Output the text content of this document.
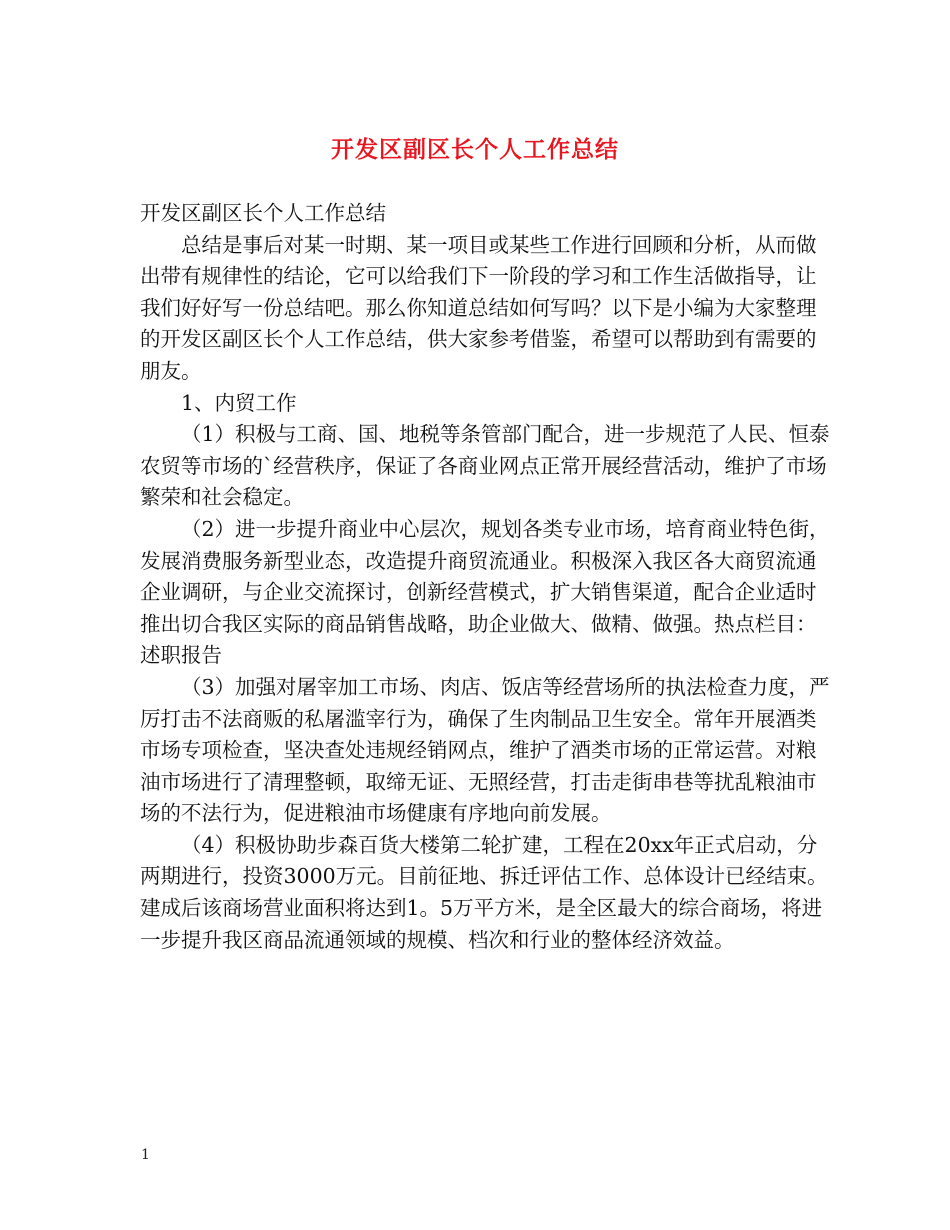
开发区副区长个人工作总结

开发区副区长个人工作总结

总结是事后对某一时期、某一项目或某些工作进行回顾和分析，从而做出带有规律性的结论，它可以给我们下一阶段的学习和工作生活做指导，让我们好好写一份总结吧。那么你知道总结如何写吗？以下是小编为大家整理的开发区副区长个人工作总结，供大家参考借鉴，希望可以帮助到有需要的朋友。

1、内贸工作

（1）积极与工商、国、地税等条管部门配合，进一步规范了人民、恒泰农贸等市场的`经营秩序，保证了各商业网点正常开展经营活动，维护了市场繁荣和社会稳定。

（2）进一步提升商业中心层次，规划各类专业市场，培育商业特色街，发展消费服务新型业态，改造提升商贸流通业。积极深入我区各大商贸流通企业调研，与企业交流探讨，创新经营模式，扩大销售渠道，配合企业适时推出切合我区实际的商品销售战略，助企业做大、做精、做强。热点栏目：述职报告

（3）加强对屠宰加工市场、肉店、饭店等经营场所的执法检查力度，严厉打击不法商贩的私屠滥宰行为，确保了生肉制品卫生安全。常年开展酒类市场专项检查，坚决查处违规经销网点，维护了酒类市场的正常运营。对粮油市场进行了清理整顿，取缔无证、无照经营，打击走街串巷等扰乱粮油市场的不法行为，促进粮油市场健康有序地向前发展。

（4）积极协助步森百货大楼第二轮扩建，工程在20xx年正式启动，分两期进行，投资3000万元。目前征地、拆迁评估工作、总体设计已经结束。建成后该商场营业面积将达到1。5万平方米，是全区最大的综合商场，将进一步提升我区商品流通领域的规模、档次和行业的整体经济效益。

1
